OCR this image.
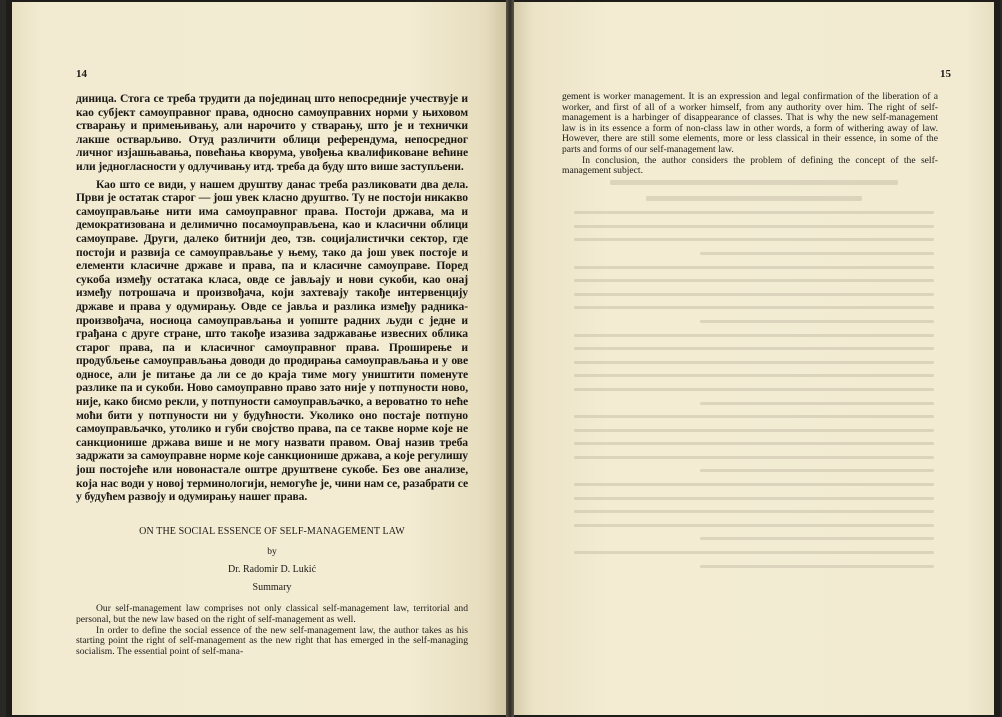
14

диница. Стога се треба трудити да појединац што непосредније учествује и као субјект самоуправног права, односно самоуправних норми у њиховом стварању и примењивању, али нарочито у стварању, што је и технички лакше остварљиво. Отуд различити облици референдума, непосредног личног изјашњавања, повећања кворума, увођења квалификоване већине или једногласности у одлучивању итд. треба да буду што више заступљени.

Као што се види, у нашем друштву данас треба разликовати два дела. Први је остатак старог — још увек класно друштво. Ту не постоји никакво самоуправљање нити има самоуправног права. Постоји држава, ма и демократизована и делимично посамоуправљена, као и класични облици самоуправе. Други, далеко битнији део, тзв. социјалистички сектор, где постоји и развија се самоуправљање у њему, тако да још увек постоје и елементи класичне државе и права, па и класичне самоуправе. Поред сукоба између остатака класа, овде се јављају и нови сукоби, као онај између потрошача и произвођача, који захтевају такође интервенцију државе и права у одумирању. Овде се јавља и разлика између радника-произвођача, носиоца самоуправљања и уопште радних људи с једне и грађана с друге стране, што такође изазива задржавање извесних облика старог права, па и класичног самоуправног права. Проширење и продубљење самоуправљања доводи до продирања самоуправљања и у ове односе, али је питање да ли се до краја тиме могу уништити поменуте разлике па и сукоби. Ново самоуправно право зато није у потпуности ново, није, како бисмо рекли, у потпуности самоуправљачко, а вероватно то неће моћи бити у потпуности ни у будућности. Уколико оно постаје потпуно самоуправљачко, утолико и губи својство права, па се такве норме које не санкционише држава више и не могу назвати правом. Овај назив треба задржати за самоуправне норме које санкционише држава, а које регулишу још постојеће или новонастале оштре друштвене сукобе. Без ове анализе, која нас води у новој терминологији, немогуће је, чини нам се, разабрати се у будућем развоју и одумирању нашег права.

ON THE SOCIAL ESSENCE OF SELF-MANAGEMENT LAW
by
Dr. Radomir D. Lukić
Summary

Our self-management law comprises not only classical self-management law, territorial and personal, but the new law based on the right of self-management as well.

In order to define the social essence of the new self-management law, the author takes as his starting point the right of self-management as the new right that has emerged in the self-managing socialism. The essential point of self-mana-

15

gement is worker management. It is an expression and legal confirmation of the liberation of a worker, and first of all of a worker himself, from any authority over him. The right of self-management is a harbinger of disappearance of classes. That is why the new self-management law is in its essence a form of non-class law in other words, a form of withering away of law. However, there are still some elements, more or less classical in their essence, in some of the parts and forms of our self-management law.

In conclusion, the author considers the problem of defining the concept of the self-management subject.
